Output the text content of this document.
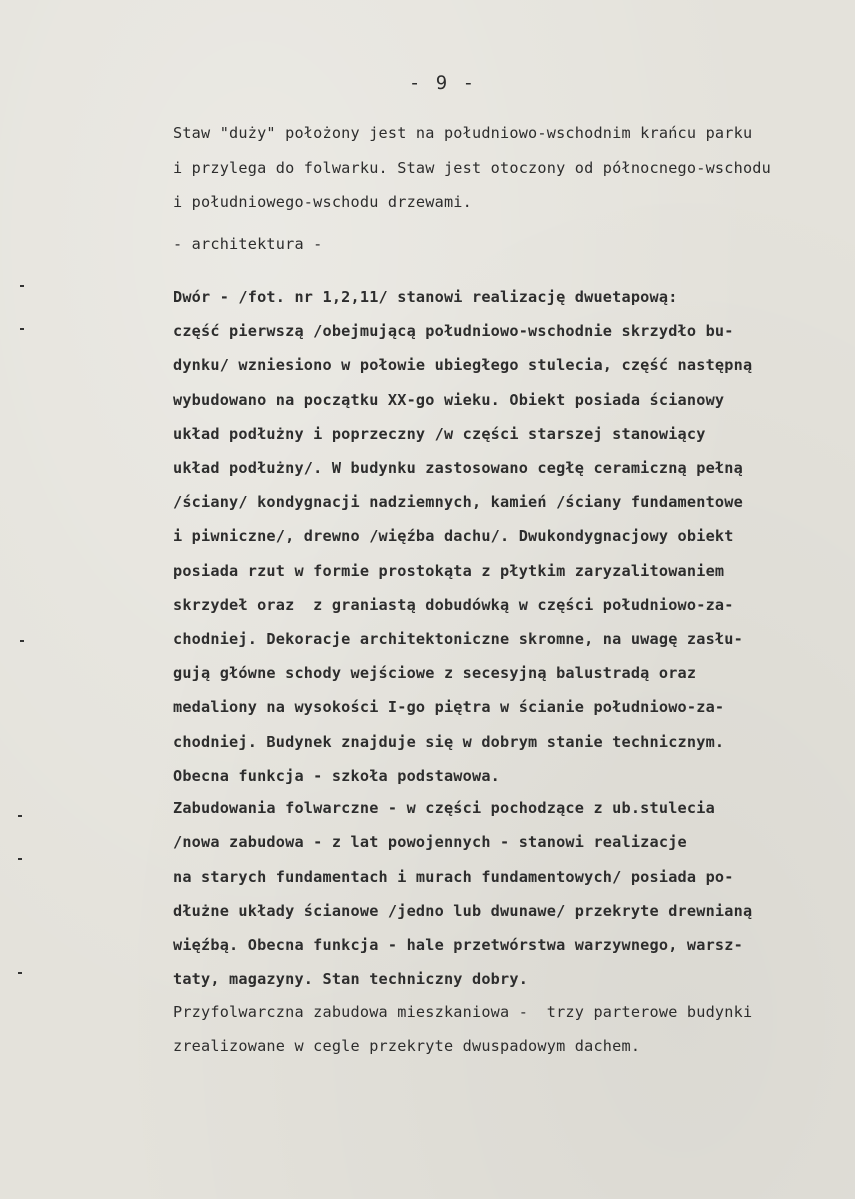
- 9 -
Staw "duży" położony jest na południowo-wschodnim krańcu parku
i przylega do folwarku. Staw jest otoczony od północnego-wschodu
i południowego-wschodu drzewami.
- architektura -
Dwór - /fot. nr 1,2,11/ stanowi realizację dwuetapową:
część pierwszą /obejmującą południowo-wschodnie skrzydło bu-
dynku/ wzniesiono w połowie ubiegłego stulecia, część następną
wybudowano na początku XX-go wieku. Obiekt posiada ścianowy
układ podłużny i poprzeczny /w części starszej stanowiący
układ podłużny/. W budynku zastosowano cegłę ceramiczną pełną
/ściany/ kondygnacji nadziemnych, kamień /ściany fundamentowe
i piwniczne/, drewno /więźba dachu/. Dwukondygnacjowy obiekt
posiada rzut w formie prostokąta z płytkim zaryzalitowaniem
skrzydeł oraz  z graniastą dobudówką w części południowo-za-
chodniej. Dekoracje architektoniczne skromne, na uwagę zasłu-
gują główne schody wejściowe z secesyjną balustradą oraz
medaliony na wysokości I-go piętra w ścianie południowo-za-
chodniej. Budynek znajduje się w dobrym stanie technicznym.
Obecna funkcja - szkoła podstawowa.
Zabudowania folwarczne - w części pochodzące z ub.stulecia
/nowa zabudowa - z lat powojennych - stanowi realizacje
na starych fundamentach i murach fundamentowych/ posiada po-
dłużne układy ścianowe /jedno lub dwunawe/ przekryte drewnianą
więźbą. Obecna funkcja - hale przetwórstwa warzywnego, warsz-
taty, magazyny. Stan techniczny dobry.
Przyfolwarczna zabudowa mieszkaniowa -  trzy parterowe budynki
zrealizowane w cegle przekryte dwuspadowym dachem.
